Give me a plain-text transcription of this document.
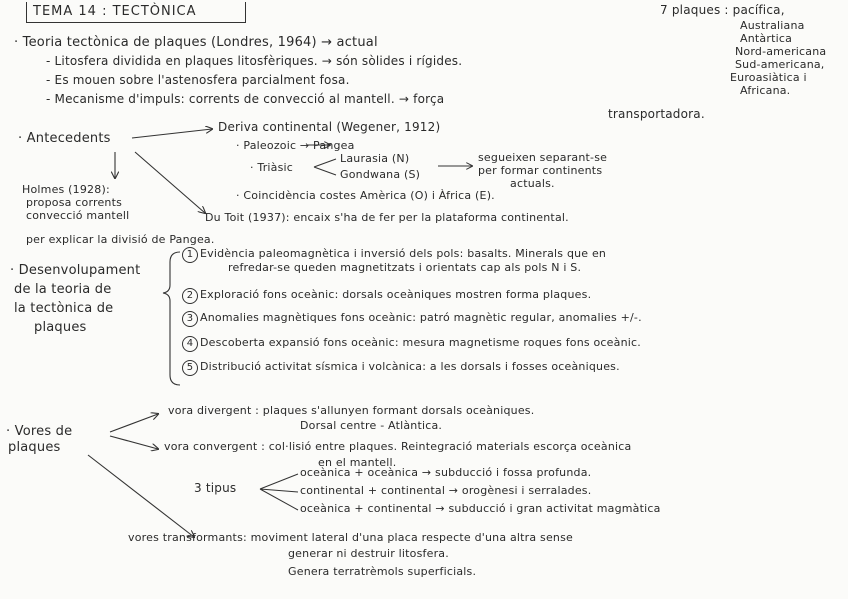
TEMA 14 : TECTÒNICA	7 plaques : pacífica,
Australiana
Antàrtica
Nord-americana
Sud-americana,
Euroasiàtica i
Africana.
· Teoria tectònica de plaques (Londres, 1964) → actual
- Litosfera dividida en plaques litosfèriques. → són sòlides i rígides.
- Es mouen sobre l'astenosfera parcialment fosa.
- Mecanisme d'impuls: corrents de convecció al mantell. → força
transportadora.
· Antecedents
Deriva continental (Wegener, 1912)
· Paleozoic → Pangea
· Triàsic
Laurasia (N)
Gondwana (S)
segueixen separant-se
per formar continents
actuals.
· Coincidència costes Amèrica (O) i Àfrica (E).
Holmes (1928):
proposa corrents
convecció mantell
per explicar la divisió de Pangea.
Du Toit (1937): encaix s'ha de fer per la plataforma continental.
· Desenvolupament
de la teoria de
la tectònica de
plaques
1 Evidència paleomagnètica i inversió dels pols: basalts. Minerals que en
refredar-se queden magnetitzats i orientats cap als pols N i S.
2 Exploració fons oceànic: dorsals oceàniques mostren forma plaques.
3 Anomalies magnètiques fons oceànic: patró magnètic regular, anomalies +/-.
4 Descoberta expansió fons oceànic: mesura magnetisme roques fons oceànic.
5 Distribució activitat sísmica i volcànica: a les dorsals i fosses oceàniques.
· Vores de
plaques
vora divergent : plaques s'allunyen formant dorsals oceàniques.
Dorsal centre - Atlàntica.
vora convergent : col·lisió entre plaques. Reintegració materials escorça oceànica
en el mantell.
3 tipus
oceànica + oceànica → subducció i fossa profunda.
continental + continental → orogènesi i serralades.
oceànica + continental → subducció i gran activitat magmàtica
vores transformants: moviment lateral d'una placa respecte d'una altra sense
generar ni destruir litosfera.
Genera terratrèmols superficials.
